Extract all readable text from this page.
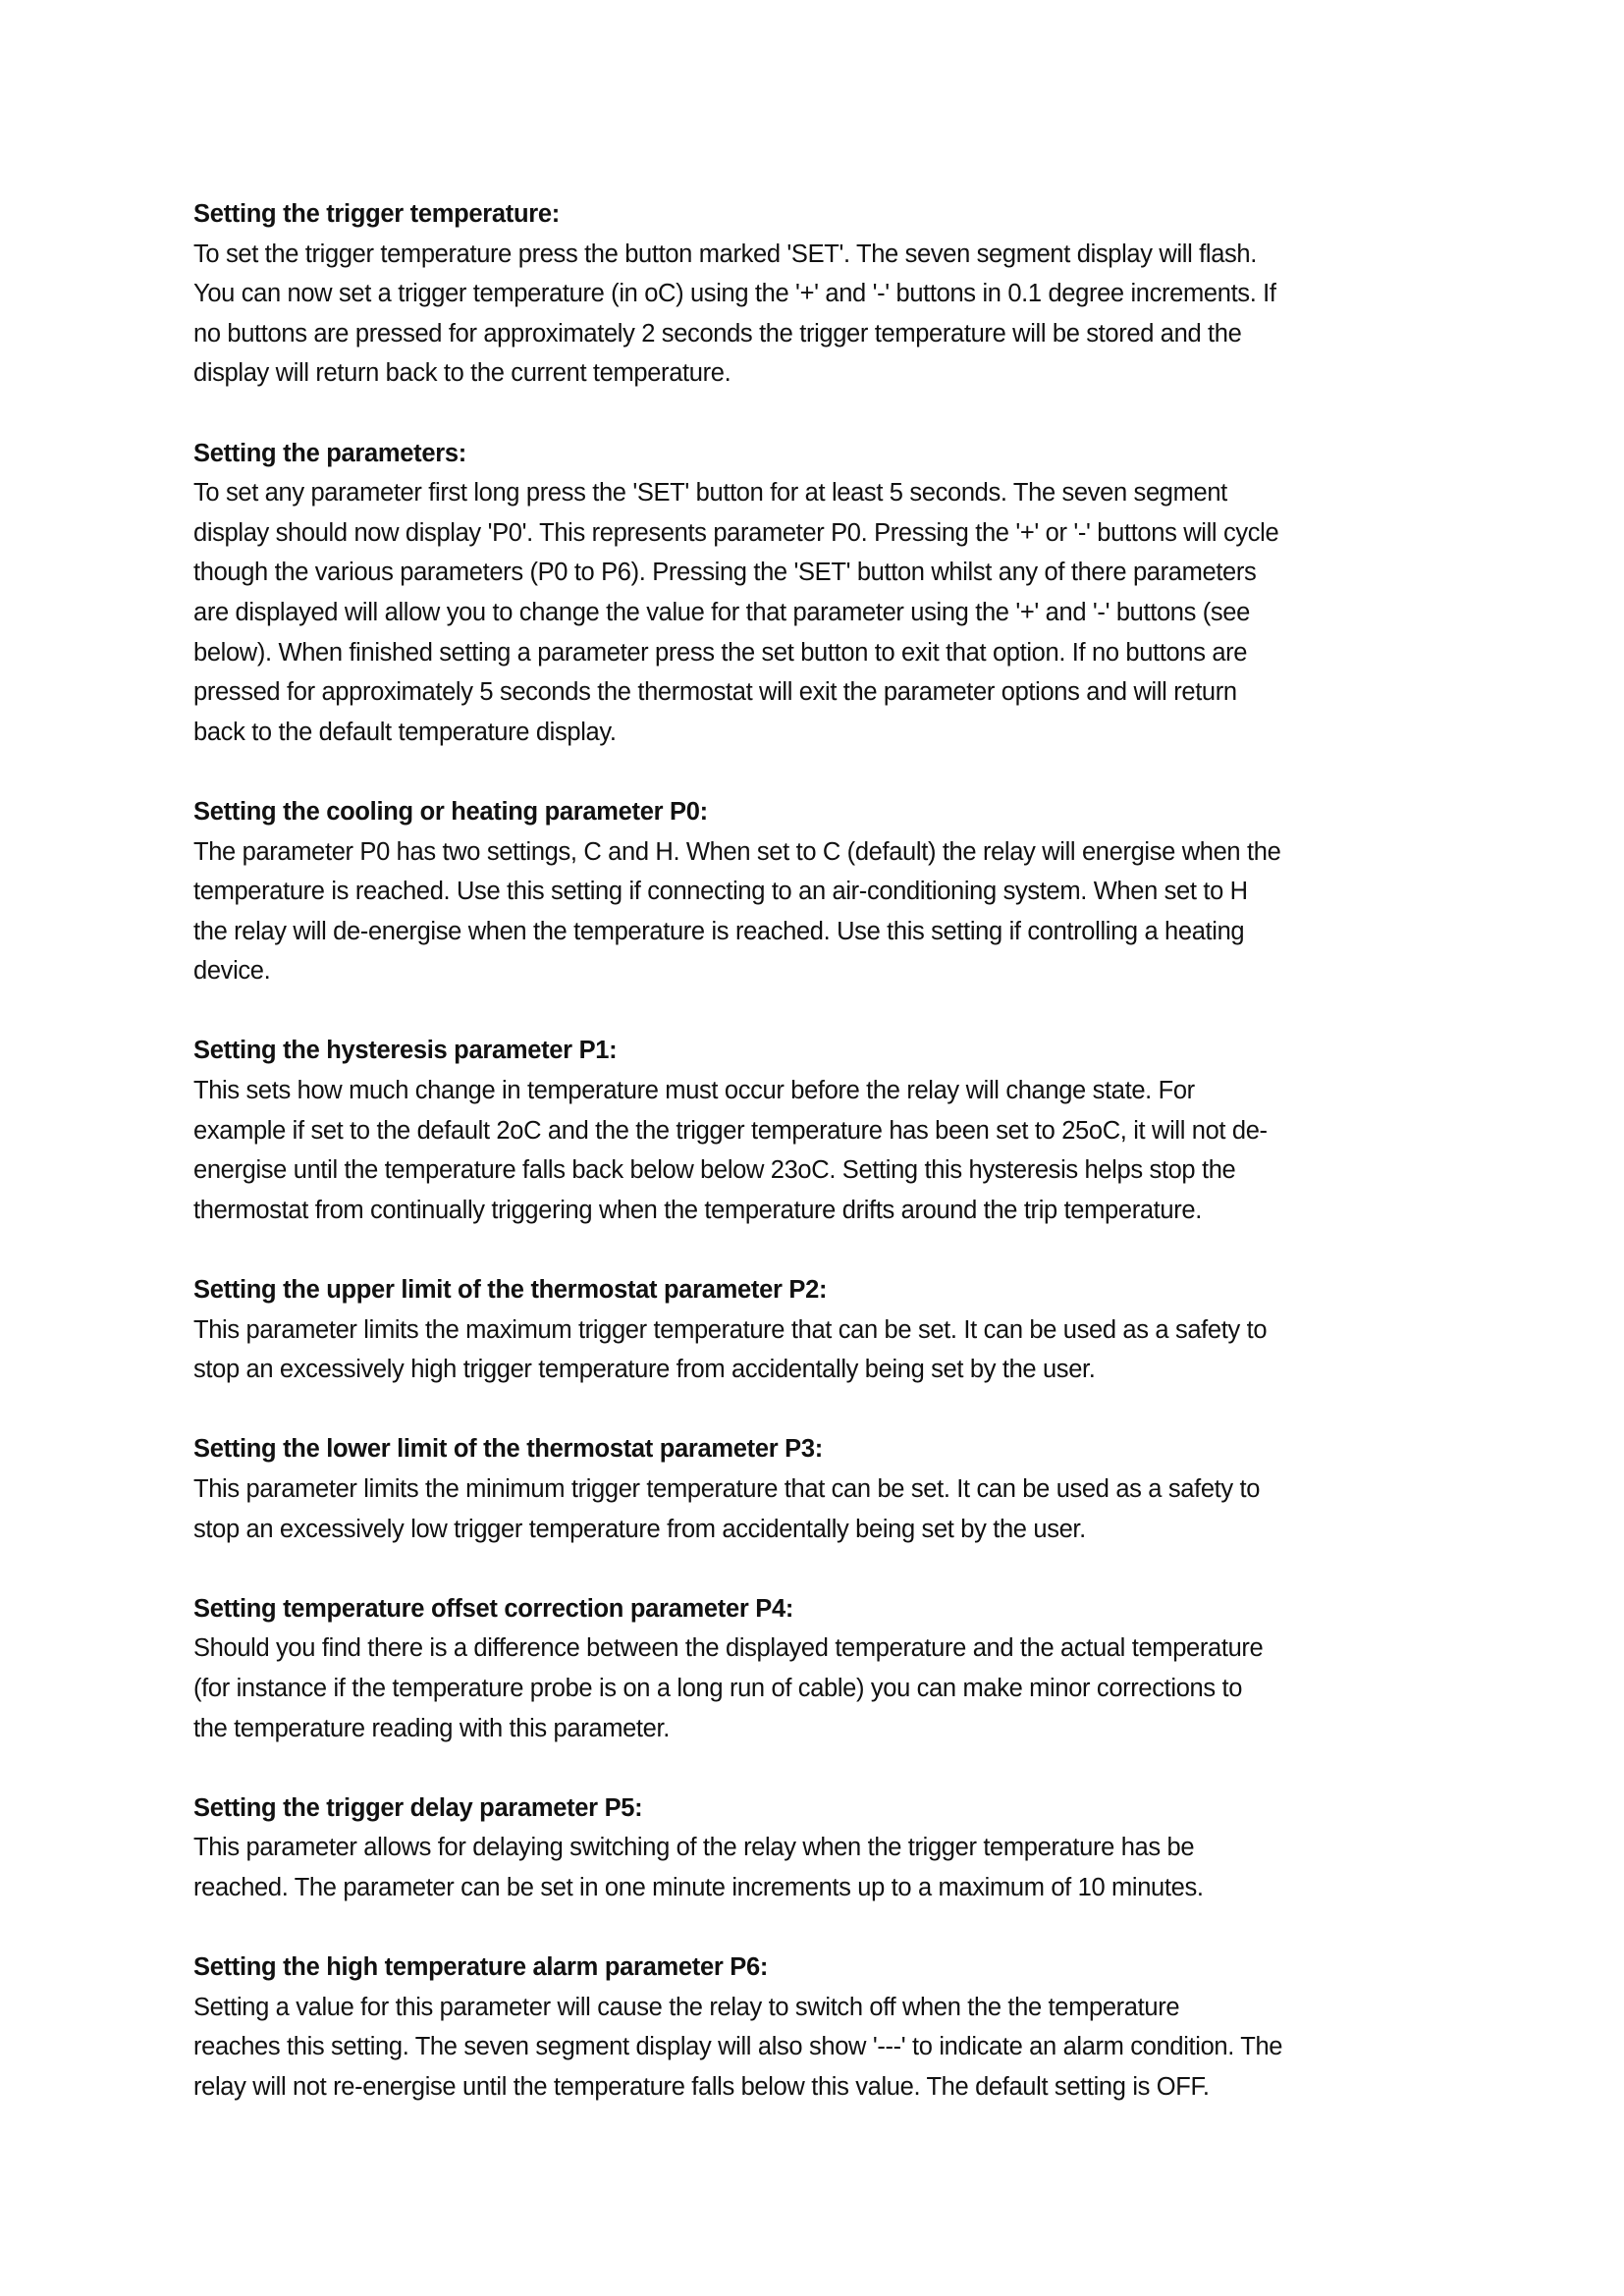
Setting the trigger temperature:
To set the trigger temperature press the button marked 'SET'. The seven segment display will flash.
You can now set a trigger temperature (in oC) using the '+' and '-' buttons in 0.1 degree increments. If
no buttons are pressed for approximately 2 seconds the trigger temperature will be stored and the
display will return back to the current temperature.
Setting the parameters:
To set any parameter first long press the 'SET' button for at least 5 seconds. The seven segment
display should now display 'P0'. This represents parameter P0. Pressing the '+' or '-' buttons will cycle
though the various parameters (P0 to P6). Pressing the 'SET' button whilst any of there parameters
are displayed will allow you to change the value for that parameter using the '+' and '-' buttons (see
below). When finished setting a parameter press the set button to exit that option. If no buttons are
pressed for approximately 5 seconds the thermostat will exit the parameter options and will return
back to the default temperature display.
Setting the cooling or heating parameter P0:
The parameter P0 has two settings, C and H. When set to C (default) the relay will energise when the
temperature is reached. Use this setting if connecting to an air-conditioning system. When set to H
the relay will de-energise when the temperature is reached. Use this setting if controlling a heating
device.
Setting the hysteresis parameter P1:
This sets how much change in temperature must occur before the relay will change state. For
example if set to the default 2oC and the the trigger temperature has been set to 25oC, it will not de-
energise until the temperature falls back below below 23oC. Setting this hysteresis helps stop the
thermostat from continually triggering when the temperature drifts around the trip temperature.
Setting the upper limit of the thermostat parameter P2:
This parameter limits the maximum trigger temperature that can be set. It can be used as a safety to
stop an excessively high trigger temperature from accidentally being set by the user.
Setting the lower limit of the thermostat parameter P3:
This parameter limits the minimum trigger temperature that can be set. It can be used as a safety to
stop an excessively low trigger temperature from accidentally being set by the user.
Setting temperature offset correction parameter P4:
Should you find there is a difference between the displayed temperature and the actual temperature
(for instance if the temperature probe is on a long run of cable) you can make minor corrections to
the temperature reading with this parameter.
Setting the trigger delay parameter P5:
This parameter allows for delaying switching of the relay when the trigger temperature has be
reached. The parameter can be set in one minute increments up to a maximum of 10 minutes.
Setting the high temperature alarm parameter P6:
Setting a value for this parameter will cause the relay to switch off when the the temperature
reaches this setting. The seven segment display will also show '---' to indicate an alarm condition. The
relay will not re-energise until the temperature falls below this value. The default setting is OFF.
